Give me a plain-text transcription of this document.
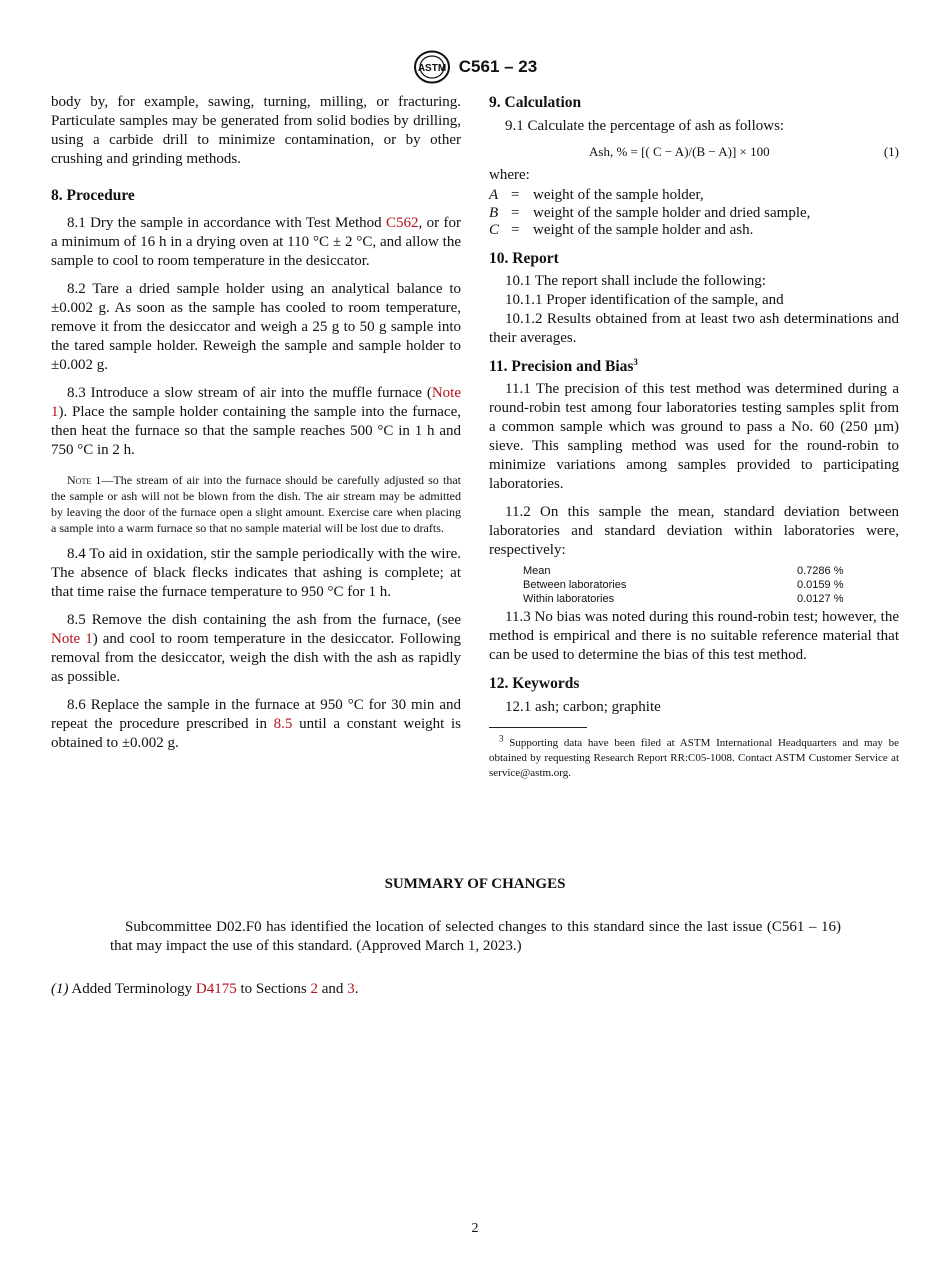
ASTM C561 – 23

body by, for example, sawing, turning, milling, or fracturing. Particulate samples may be generated from solid bodies by drilling, using a carbide drill to minimize contamination, or by other crushing and grinding methods.

8. Procedure

8.1 Dry the sample in accordance with Test Method C562, or for a minimum of 16 h in a drying oven at 110 °C ± 2 °C, and allow the sample to cool to room temperature in the desiccator.

8.2 Tare a dried sample holder using an analytical balance to ±0.002 g. As soon as the sample has cooled to room temperature, remove it from the desiccator and weigh a 25 g to 50 g sample into the tared sample holder. Reweigh the sample and sample holder to ±0.002 g.

8.3 Introduce a slow stream of air into the muffle furnace (Note 1). Place the sample holder containing the sample into the furnace, then heat the furnace so that the sample reaches 500 °C in 1 h and 750 °C in 2 h.

Note 1—The stream of air into the furnace should be carefully adjusted so that the sample or ash will not be blown from the dish. The air stream may be admitted by leaving the door of the furnace open a slight amount. Exercise care when placing a sample into a warm furnace so that no sample material will be lost due to drafts.

8.4 To aid in oxidation, stir the sample periodically with the wire. The absence of black flecks indicates that ashing is complete; at that time raise the furnace temperature to 950 °C for 1 h.

8.5 Remove the dish containing the ash from the furnace, (see Note 1) and cool to room temperature in the desiccator. Following removal from the desiccator, weigh the dish with the ash as rapidly as possible.

8.6 Replace the sample in the furnace at 950 °C for 30 min and repeat the procedure prescribed in 8.5 until a constant weight is obtained to ±0.002 g.

9. Calculation

9.1 Calculate the percentage of ash as follows:

Ash, % = [( C − A)/(B − A)] × 100	(1)

where:

A = weight of the sample holder,
B = weight of the sample holder and dried sample,
C = weight of the sample holder and ash.

10. Report

10.1 The report shall include the following:

10.1.1 Proper identification of the sample, and

10.1.2 Results obtained from at least two ash determinations and their averages.

11. Precision and Bias$^3$

11.1 The precision of this test method was determined during a round-robin test among four laboratories testing samples split from a common sample which was ground to pass a No. 60 (250 µm) sieve. This sampling method was used for the round-robin to minimize variations among samples provided to participating laboratories.

11.2 On this sample the mean, standard deviation between laboratories and standard deviation within laboratories were, respectively:

Mean	0.7286 %
Between laboratories	0.0159 %
Within laboratories	0.0127 %

11.3 No bias was noted during this round-robin test; however, the method is empirical and there is no suitable reference material that can be used to determine the bias of this test method.

12. Keywords

12.1 ash; carbon; graphite

$^3$ Supporting data have been filed at ASTM International Headquarters and may be obtained by requesting Research Report RR:C05-1008. Contact ASTM Customer Service at service@astm.org.

SUMMARY OF CHANGES

Subcommittee D02.F0 has identified the location of selected changes to this standard since the last issue (C561 – 16) that may impact the use of this standard. (Approved March 1, 2023.)

(1) Added Terminology D4175 to Sections 2 and 3.

2
